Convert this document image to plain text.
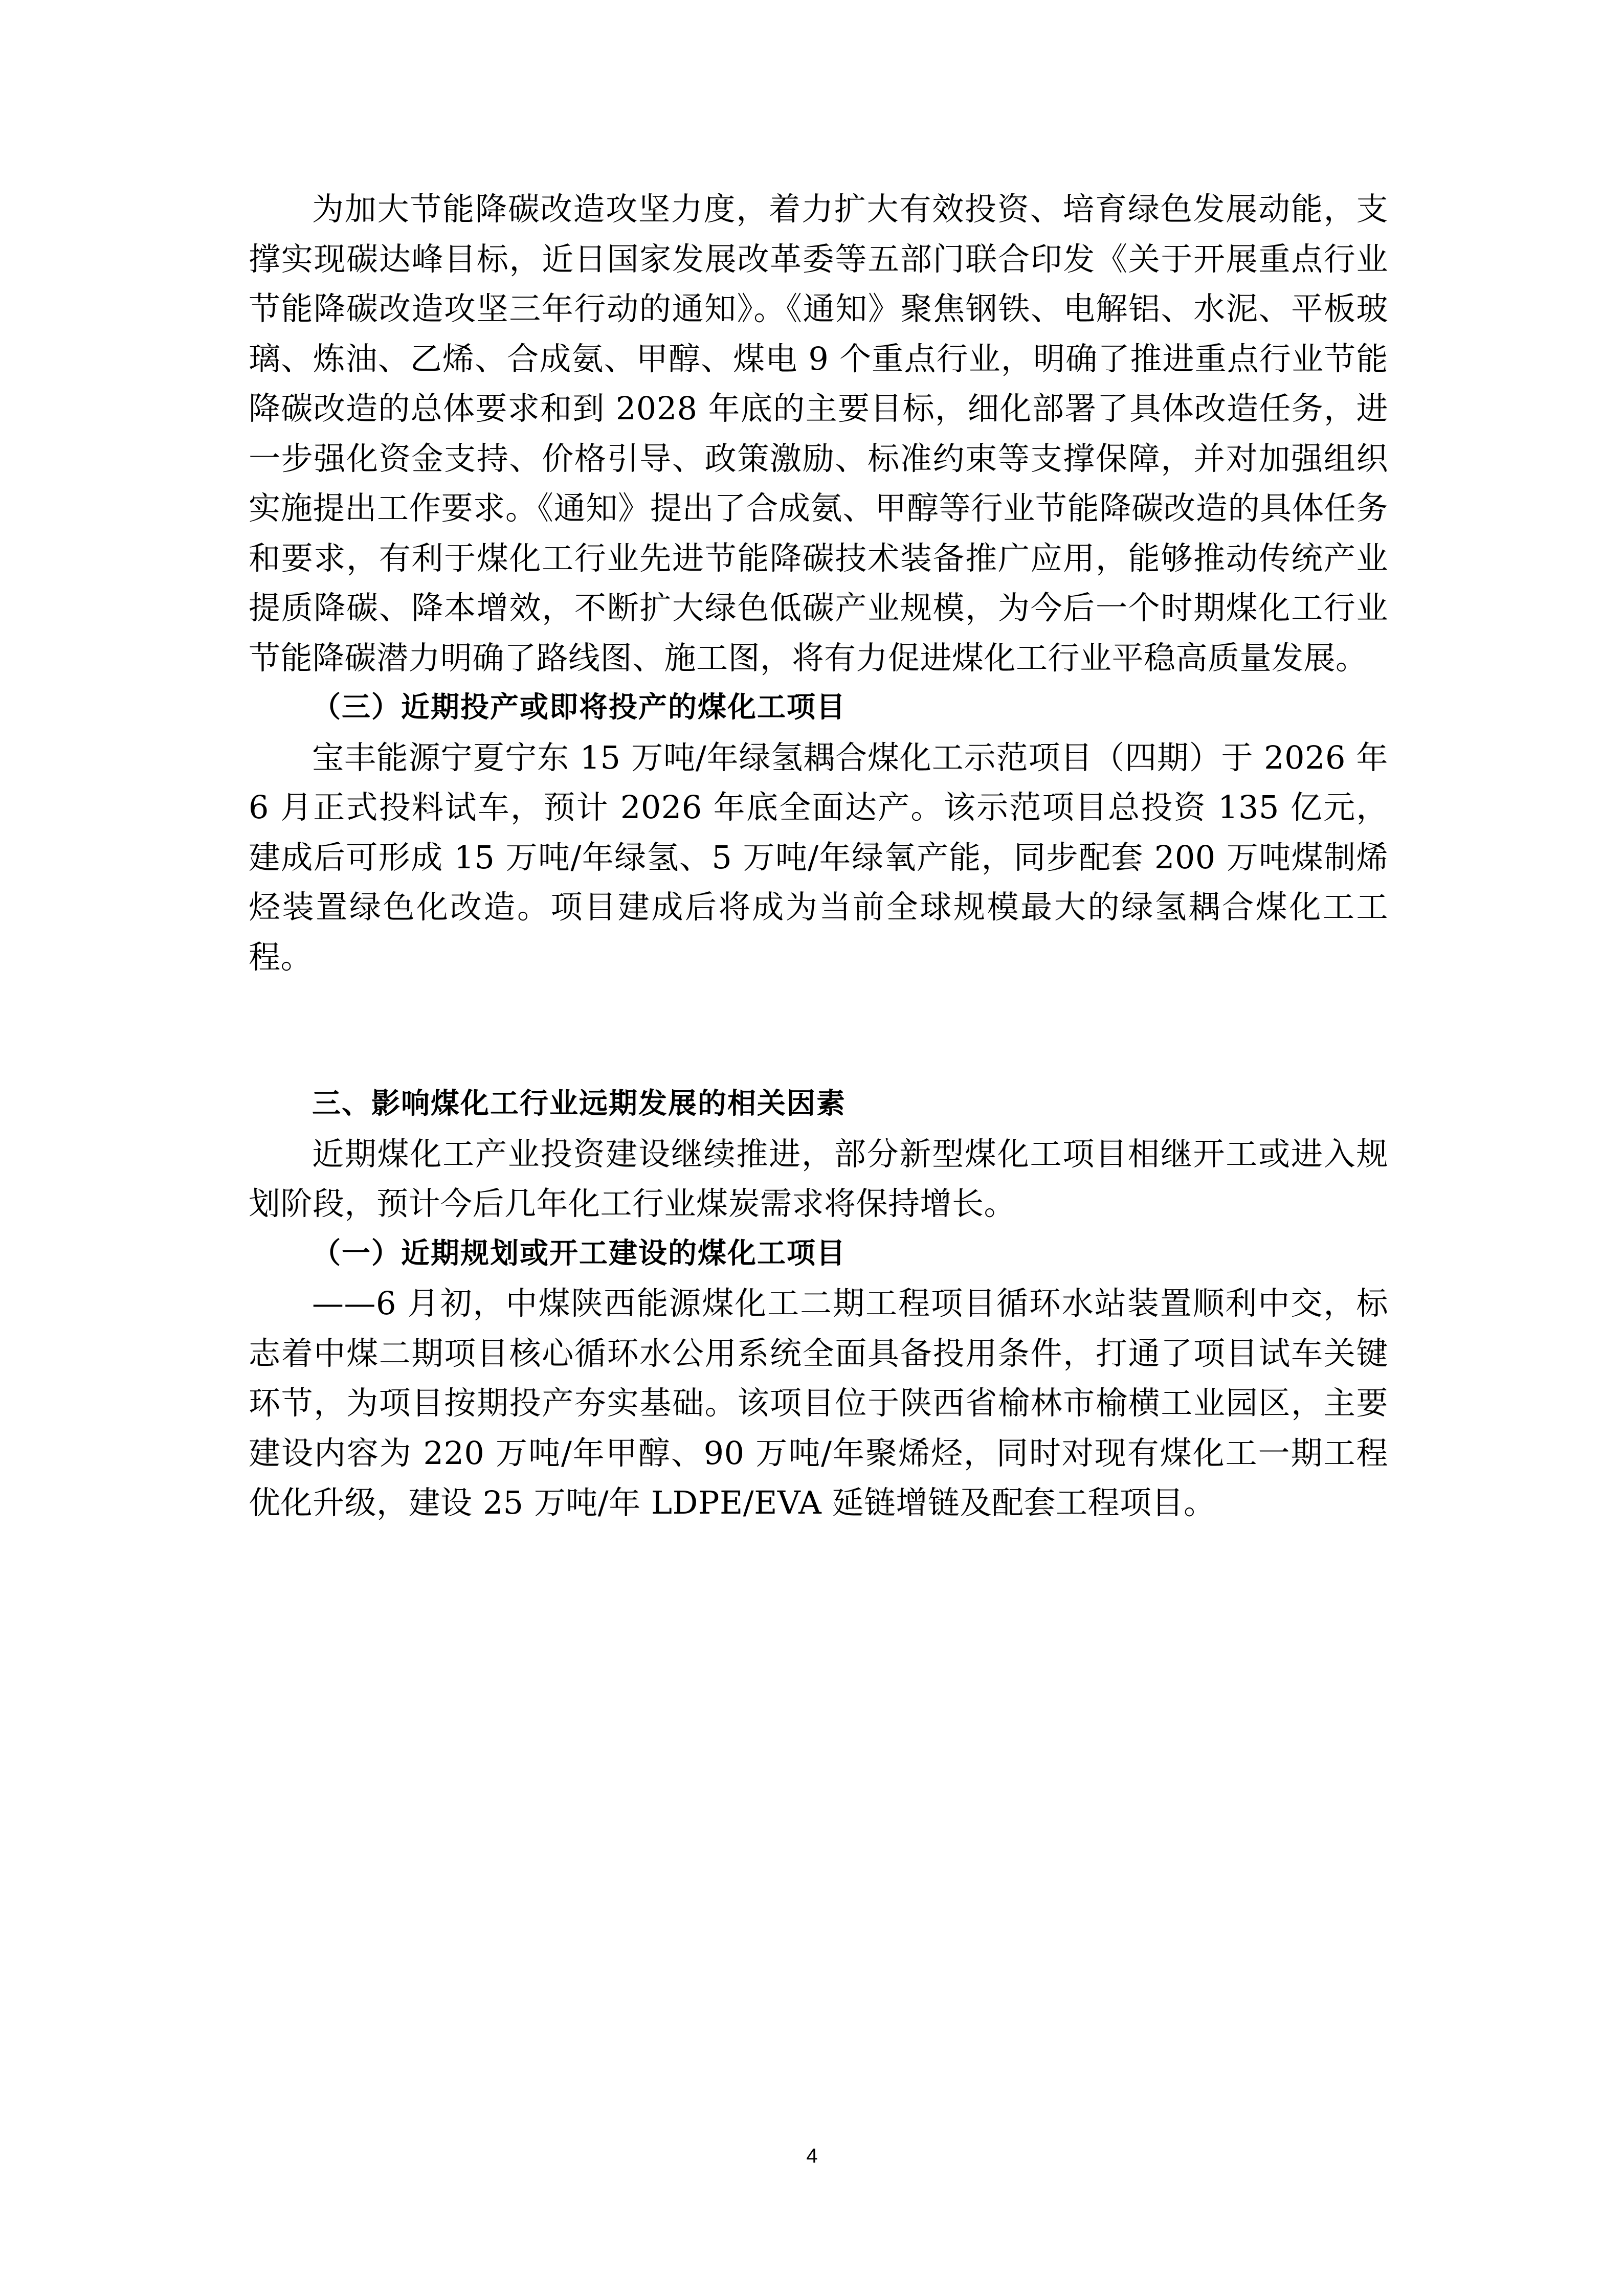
为加大节能降碳改造攻坚力度，着力扩大有效投资、培育绿色发展动能，支撑实现碳达峰目标，近日国家发展改革委等五部门联合印发《关于开展重点行业节能降碳改造攻坚三年行动的通知》。《通知》聚焦钢铁、电解铝、水泥、平板玻璃、炼油、乙烯、合成氨、甲醇、煤电 9 个重点行业，明确了推进重点行业节能降碳改造的总体要求和到 2028 年底的主要目标，细化部署了具体改造任务，进一步强化资金支持、价格引导、政策激励、标准约束等支撑保障，并对加强组织实施提出工作要求。《通知》提出了合成氨、甲醇等行业节能降碳改造的具体任务和要求，有利于煤化工行业先进节能降碳技术装备推广应用，能够推动传统产业提质降碳、降本增效，不断扩大绿色低碳产业规模，为今后一个时期煤化工行业节能降碳潜力明确了路线图、施工图，将有力促进煤化工行业平稳高质量发展。

（三）近期投产或即将投产的煤化工项目

宝丰能源宁夏宁东 15 万吨/年绿氢耦合煤化工示范项目（四期）于 2026 年 6 月正式投料试车，预计 2026 年底全面达产。该示范项目总投资 135 亿元，建成后可形成 15 万吨/年绿氢、5 万吨/年绿氧产能，同步配套 200 万吨煤制烯烃装置绿色化改造。项目建成后将成为当前全球规模最大的绿氢耦合煤化工工程。

三、影响煤化工行业远期发展的相关因素

近期煤化工产业投资建设继续推进，部分新型煤化工项目相继开工或进入规划阶段，预计今后几年化工行业煤炭需求将保持增长。

（一）近期规划或开工建设的煤化工项目

——6 月初，中煤陕西能源煤化工二期工程项目循环水站装置顺利中交，标志着中煤二期项目核心循环水公用系统全面具备投用条件，打通了项目试车关键环节，为项目按期投产夯实基础。该项目位于陕西省榆林市榆横工业园区，主要建设内容为 220 万吨/年甲醇、90 万吨/年聚烯烃，同时对现有煤化工一期工程优化升级，建设 25 万吨/年 LDPE/EVA 延链增链及配套工程项目。

4
